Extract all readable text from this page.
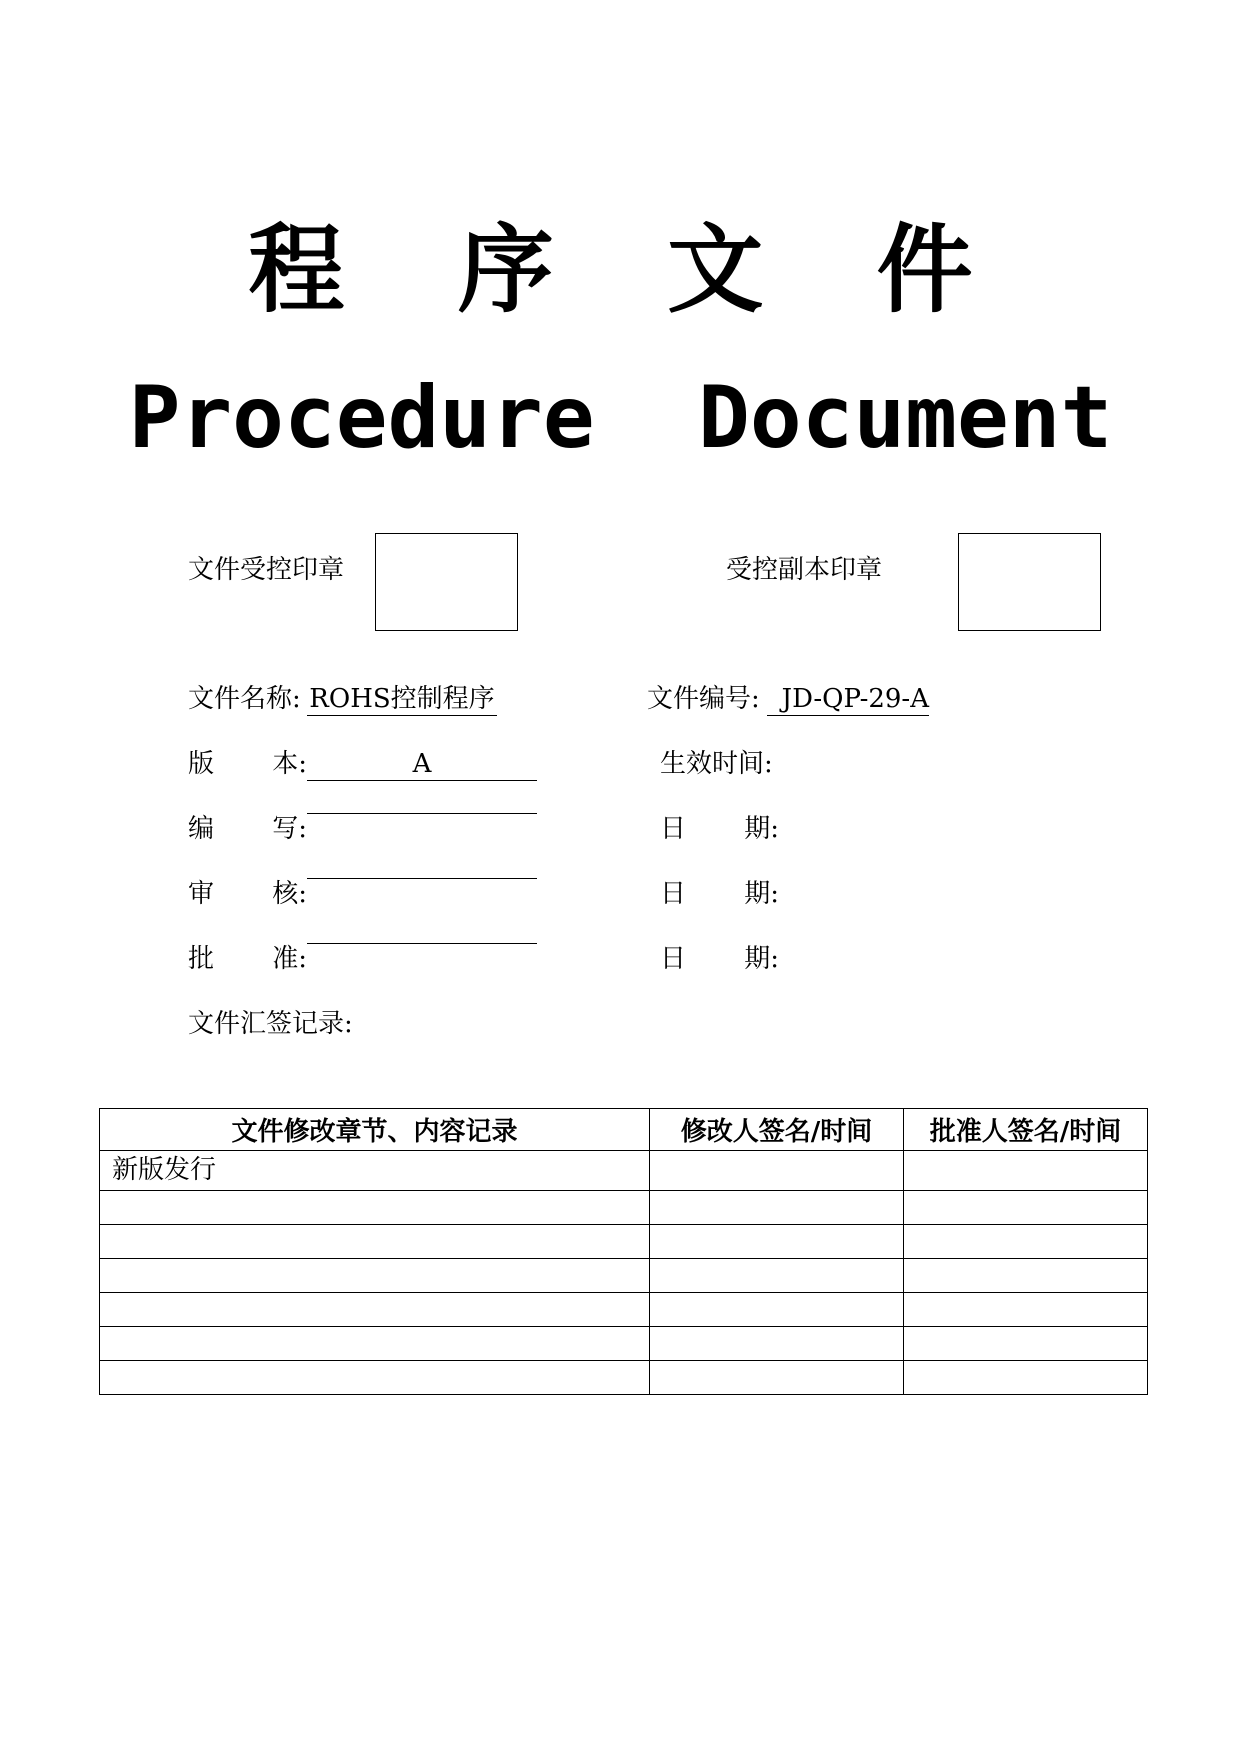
程 序 文 件
Procedure  Document
文件受控印章	受控副本印章
文件名称: ROHS控制程序	文件编号: JD-QP-29-A
版 本:	A	生效时间:
编 写:	日 期:
审 核:	日 期:
批 准:	日 期:
文件汇签记录:
文件修改章节、内容记录	修改人签名/时间	批准人签名/时间
新版发行		
